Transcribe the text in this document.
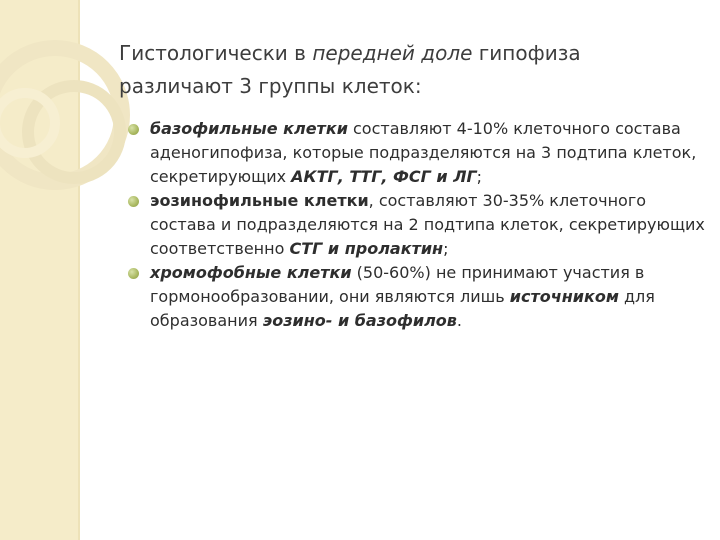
Гистологически в передней доле гипофиза различают 3 группы клеток:
базофильные клетки составляют 4-10% клеточного состава аденогипофиза, которые подразделяются на 3 подтипа клеток, секретирующих АКТГ, ТТГ, ФСГ и ЛГ;
эозинофильные клетки, составляют 30-35% клеточного состава и подразделяются на 2 подтипа клеток, секретирующих соответственно СТГ и пролактин;
хромофобные клетки (50-60%) не принимают участия в гормонообразовании, они являются лишь источником для образования эозино- и базофилов.
